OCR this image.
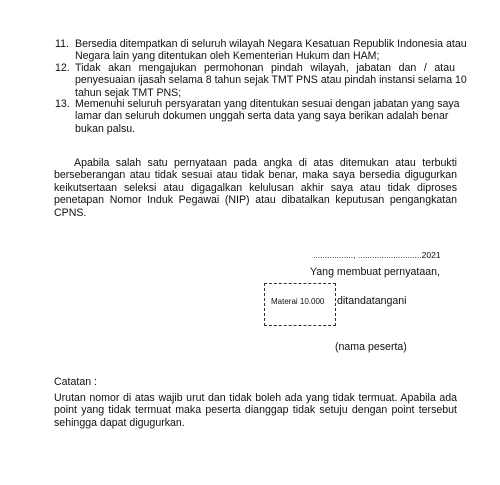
11. Bersedia ditempatkan di seluruh wilayah Negara Kesatuan Republik Indonesia atau
Negara lain yang ditentukan oleh Kementerian Hukum dan HAM;
12. Tidak akan mengajukan permohonan pindah wilayah, jabatan dan / atau
penyesuaian ijasah selama 8 tahun sejak TMT PNS atau pindah instansi selama 10
tahun sejak TMT PNS;
13. Memenuhi seluruh persyaratan yang ditentukan sesuai dengan jabatan yang saya
lamar dan seluruh dokumen unggah serta data yang saya berikan adalah benar
bukan palsu.
Apabila salah satu pernyataan pada angka di atas ditemukan atau terbukti
berseberangan atau tidak sesuai atau tidak benar, maka saya bersedia digugurkan
keikutsertaan seleksi atau digagalkan kelulusan akhir saya atau tidak diproses
penetapan Nomor Induk Pegawai (NIP) atau dibatalkan keputusan pengangkatan
CPNS.
................., ...........................2021
Yang membuat pernyataan,
Materai 10.000 ditandatangani
(nama peserta)
Catatan :
Urutan nomor di atas wajib urut dan tidak boleh ada yang tidak termuat. Apabila ada
point yang tidak termuat maka peserta dianggap tidak setuju dengan point tersebut
sehingga dapat digugurkan.
